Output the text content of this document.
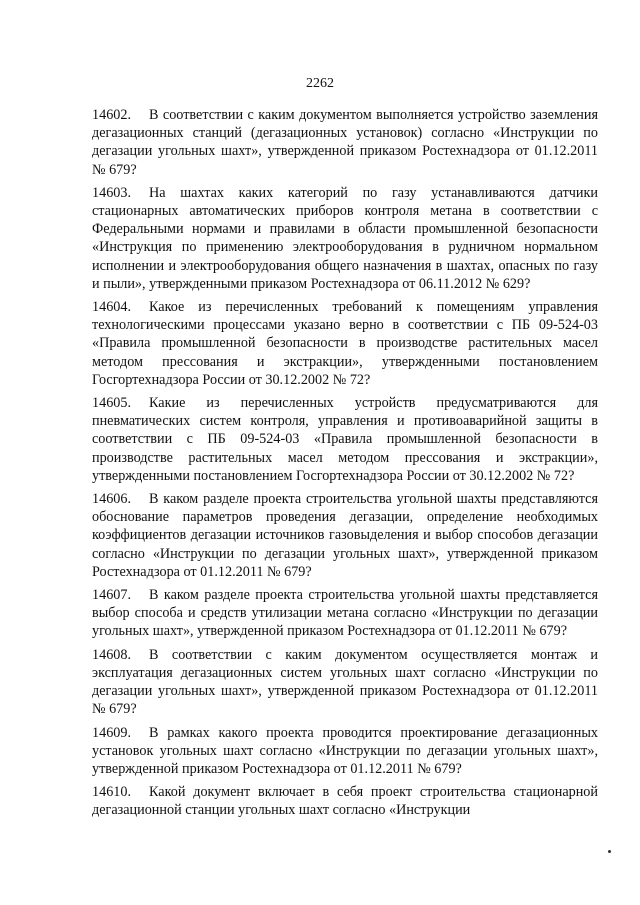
2262

14602. В соответствии с каким документом выполняется устройство заземления дегазационных станций (дегазационных установок) согласно «Инструкции по дегазации угольных шахт», утвержденной приказом Ростехнадзора от 01.12.2011 № 679?

14603. На шахтах каких категорий по газу устанавливаются датчики стационарных автоматических приборов контроля метана в соответствии с Федеральными нормами и правилами в области промышленной безопасности «Инструкция по применению электрооборудования в рудничном нормальном исполнении и электрооборудования общего назначения в шахтах, опасных по газу и пыли», утвержденными приказом Ростехнадзора от 06.11.2012 № 629?

14604. Какое из перечисленных требований к помещениям управления технологическими процессами указано верно в соответствии с ПБ 09-524-03 «Правила промышленной безопасности в производстве растительных масел методом прессования и экстракции», утвержденными постановлением Госгортехнадзора России от 30.12.2002 № 72?

14605. Какие из перечисленных устройств предусматриваются для пневматических систем контроля, управления и противоаварийной защиты в соответствии с ПБ 09-524-03 «Правила промышленной безопасности в производстве растительных масел методом прессования и экстракции», утвержденными постановлением Госгортехнадзора России от 30.12.2002 № 72?

14606. В каком разделе проекта строительства угольной шахты представляются обоснование параметров проведения дегазации, определение необходимых коэффициентов дегазации источников газовыделения и выбор способов дегазации согласно «Инструкции по дегазации угольных шахт», утвержденной приказом Ростехнадзора от 01.12.2011 № 679?

14607. В каком разделе проекта строительства угольной шахты представляется выбор способа и средств утилизации метана согласно «Инструкции по дегазации угольных шахт», утвержденной приказом Ростехнадзора от 01.12.2011 № 679?

14608. В соответствии с каким документом осуществляется монтаж и эксплуатация дегазационных систем угольных шахт согласно «Инструкции по дегазации угольных шахт», утвержденной приказом Ростехнадзора от 01.12.2011 № 679?

14609. В рамках какого проекта проводится проектирование дегазационных установок угольных шахт согласно «Инструкции по дегазации угольных шахт», утвержденной приказом Ростехнадзора от 01.12.2011 № 679?

14610. Какой документ включает в себя проект строительства стационарной дегазационной станции угольных шахт согласно «Инструкции
